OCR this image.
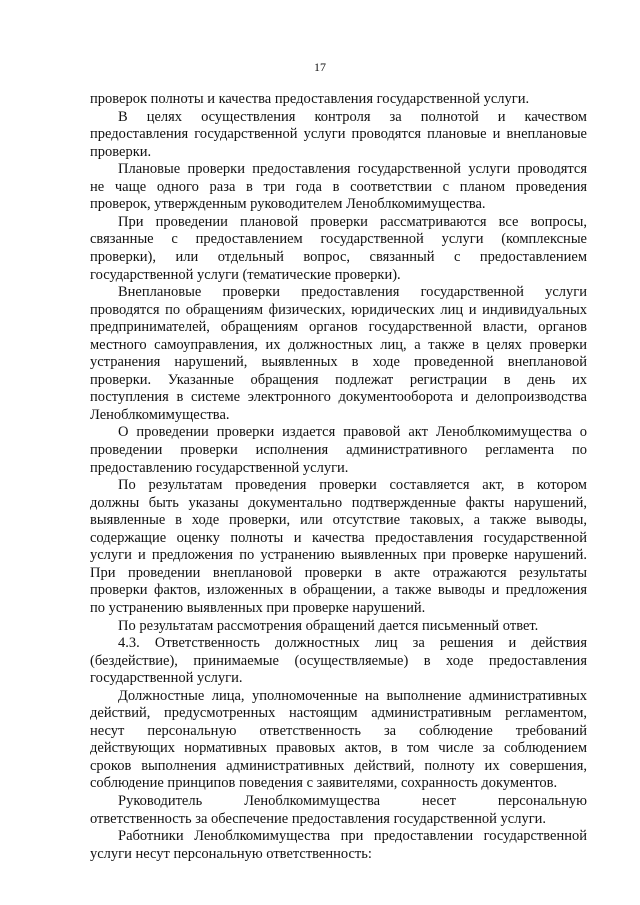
17
проверок полноты и качества предоставления государственной услуги.
В целях осуществления контроля за полнотой и качеством
предоставления государственной услуги проводятся плановые и внеплановые
проверки.
Плановые проверки предоставления государственной услуги проводятся
не чаще одного раза в три года в соответствии с планом проведения
проверок, утвержденным руководителем Леноблкомимущества.
При проведении плановой проверки рассматриваются все вопросы,
связанные с предоставлением государственной услуги (комплексные
проверки), или отдельный вопрос, связанный с предоставлением
государственной услуги (тематические проверки).
Внеплановые проверки предоставления государственной услуги
проводятся по обращениям физических, юридических лиц и индивидуальных
предпринимателей, обращениям органов государственной власти, органов
местного самоуправления, их должностных лиц, а также в целях проверки
устранения нарушений, выявленных в ходе проведенной внеплановой
проверки. Указанные обращения подлежат регистрации в день их
поступления в системе электронного документооборота и делопроизводства
Леноблкомимущества.
О проведении проверки издается правовой акт Леноблкомимущества о
проведении проверки исполнения административного регламента по
предоставлению государственной услуги.
По результатам проведения проверки составляется акт, в котором
должны быть указаны документально подтвержденные факты нарушений,
выявленные в ходе проверки, или отсутствие таковых, а также выводы,
содержащие оценку полноты и качества предоставления государственной
услуги и предложения по устранению выявленных при проверке нарушений.
При проведении внеплановой проверки в акте отражаются результаты
проверки фактов, изложенных в обращении, а также выводы и предложения
по устранению выявленных при проверке нарушений.
По результатам рассмотрения обращений дается письменный ответ.
4.3. Ответственность должностных лиц за решения и действия
(бездействие), принимаемые (осуществляемые) в ходе предоставления
государственной услуги.
Должностные лица, уполномоченные на выполнение административных
действий, предусмотренных настоящим административным регламентом,
несут персональную ответственность за соблюдение требований
действующих нормативных правовых актов, в том числе за соблюдением
сроков выполнения административных действий, полноту их совершения,
соблюдение принципов поведения с заявителями, сохранность документов.
Руководитель Леноблкомимущества несет персональную
ответственность за обеспечение предоставления государственной услуги.
Работники Леноблкомимущества при предоставлении государственной
услуги несут персональную ответственность:
